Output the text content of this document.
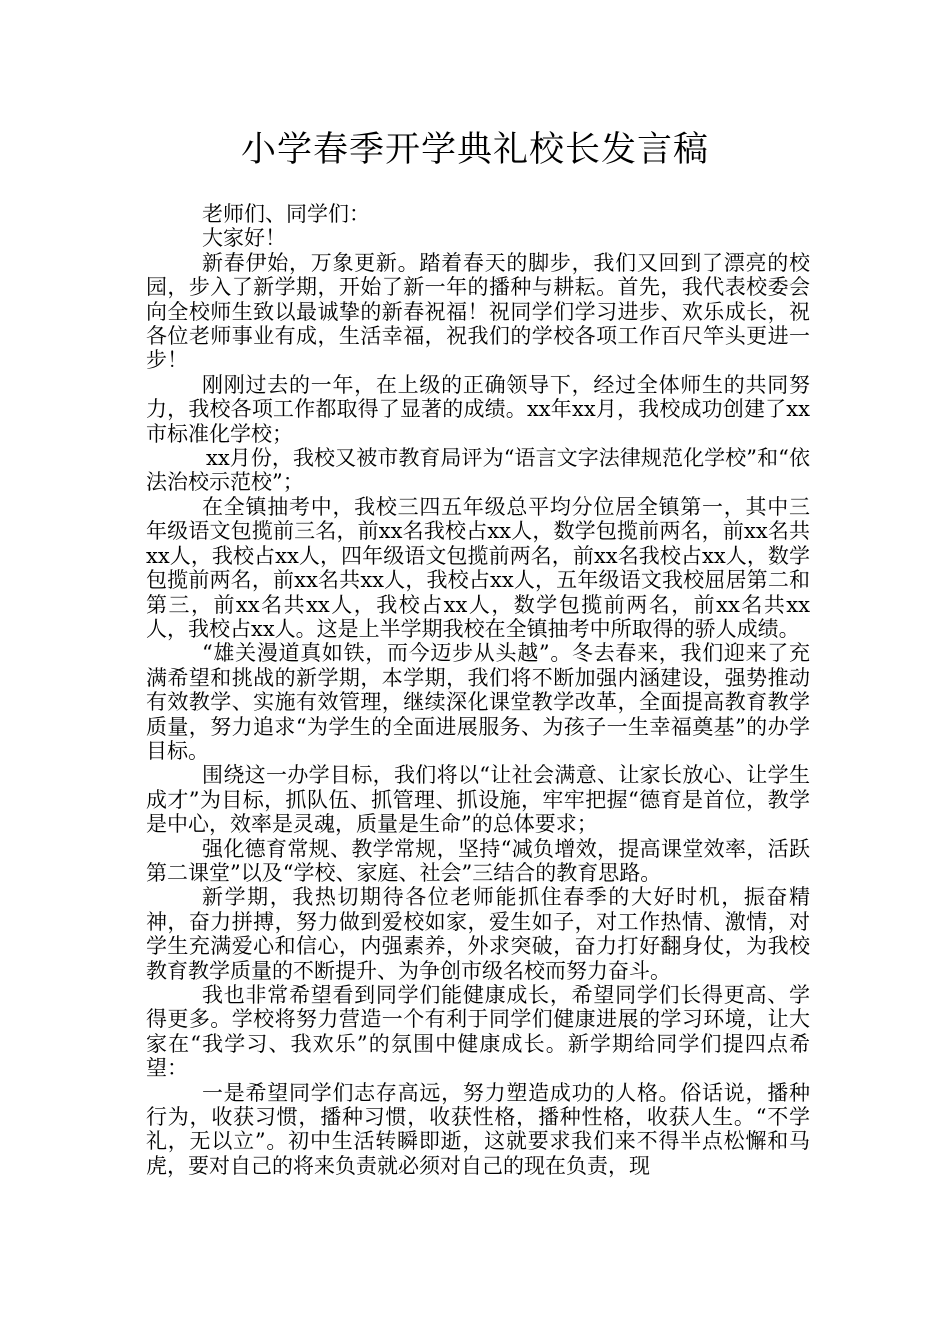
小学春季开学典礼校长发言稿

老师们、同学们：

大家好！

新春伊始，万象更新。踏着春天的脚步，我们又回到了漂亮的校园，步入了新学期，开始了新一年的播种与耕耘。首先，我代表校委会向全校师生致以最诚挚的新春祝福！祝同学们学习进步、欢乐成长，祝各位老师事业有成，生活幸福，祝我们的学校各项工作百尺竿头更进一步！

刚刚过去的一年，在上级的正确领导下，经过全体师生的共同努力，我校各项工作都取得了显著的成绩。xx年xx月，我校成功创建了xx市标准化学校；

xx月份，我校又被市教育局评为“语言文字法律规范化学校”和“依法治校示范校”；

在全镇抽考中，我校三四五年级总平均分位居全镇第一，其中三年级语文包揽前三名，前xx名我校占xx人，数学包揽前两名，前xx名共xx人，我校占xx人，四年级语文包揽前两名，前xx名我校占xx人，数学包揽前两名，前xx名共xx人，我校占xx人，五年级语文我校屈居第二和第三，前xx名共xx人，我校占xx人，数学包揽前两名，前xx名共xx人，我校占xx人。这是上半学期我校在全镇抽考中所取得的骄人成绩。

“雄关漫道真如铁，而今迈步从头越”。冬去春来，我们迎来了充满希望和挑战的新学期，本学期，我们将不断加强内涵建设，强势推动有效教学、实施有效管理，继续深化课堂教学改革，全面提高教育教学质量，努力追求“为学生的全面进展服务、为孩子一生幸福奠基”的办学目标。

围绕这一办学目标，我们将以“让社会满意、让家长放心、让学生成才”为目标，抓队伍、抓管理、抓设施，牢牢把握“德育是首位，教学是中心，效率是灵魂，质量是生命”的总体要求；

强化德育常规、教学常规，坚持“减负增效，提高课堂效率，活跃第二课堂”以及“学校、家庭、社会”三结合的教育思路。

新学期，我热切期待各位老师能抓住春季的大好时机，振奋精神，奋力拼搏，努力做到爱校如家，爱生如子，对工作热情、激情，对学生充满爱心和信心，内强素养，外求突破，奋力打好翻身仗，为我校教育教学质量的不断提升、为争创市级名校而努力奋斗。

我也非常希望看到同学们能健康成长，希望同学们长得更高、学得更多。学校将努力营造一个有利于同学们健康进展的学习环境，让大家在“我学习、我欢乐”的氛围中健康成长。新学期给同学们提四点希望：

一是希望同学们志存高远，努力塑造成功的人格。俗话说，播种行为，收获习惯，播种习惯，收获性格，播种性格，收获人生。“不学礼，无以立”。初中生活转瞬即逝，这就要求我们来不得半点松懈和马虎，要对自己的将来负责就必须对自己的现在负责，现
